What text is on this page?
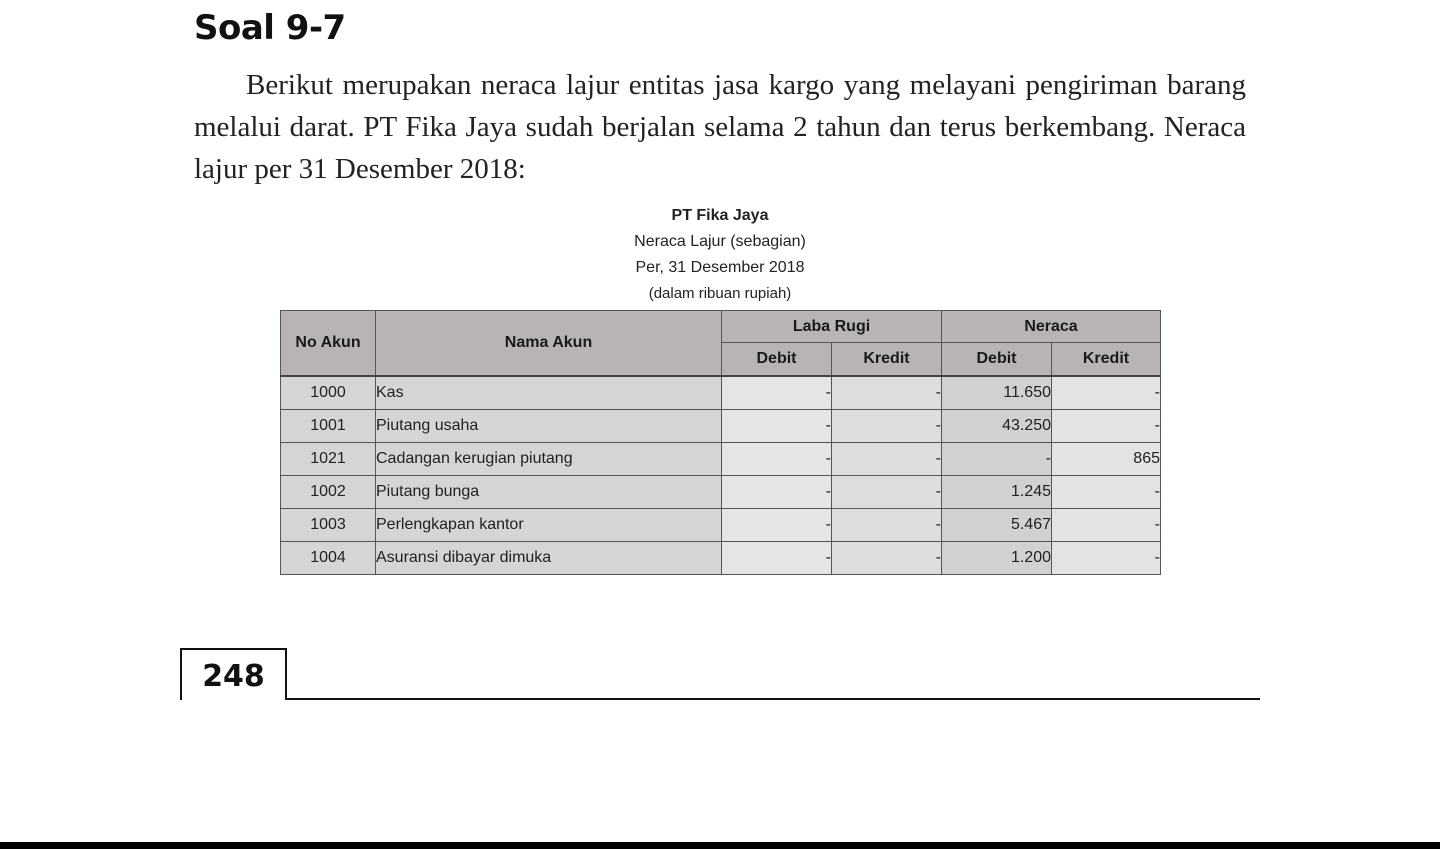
Soal 9-7

Berikut merupakan neraca lajur entitas jasa kargo yang melayani pengiriman barang melalui darat. PT Fika Jaya sudah berjalan selama 2 tahun dan terus berkembang. Neraca lajur per 31 Desember 2018:

PT Fika Jaya
Neraca Lajur (sebagian)
Per, 31 Desember 2018
(dalam ribuan rupiah)
No Akun	Nama Akun	Laba Rugi		Neraca	
		Debit	Kredit	Debit	Kredit
1000	Kas	-	-	11.650	-
1001	Piutang usaha	-	-	43.250	-
1021	Cadangan kerugian piutang	-	-	-	865
1002	Piutang bunga	-	-	1.245	-
1003	Perlengkapan kantor	-	-	5.467	-
1004	Asuransi dibayar dimuka	-	-	1.200	-
248
